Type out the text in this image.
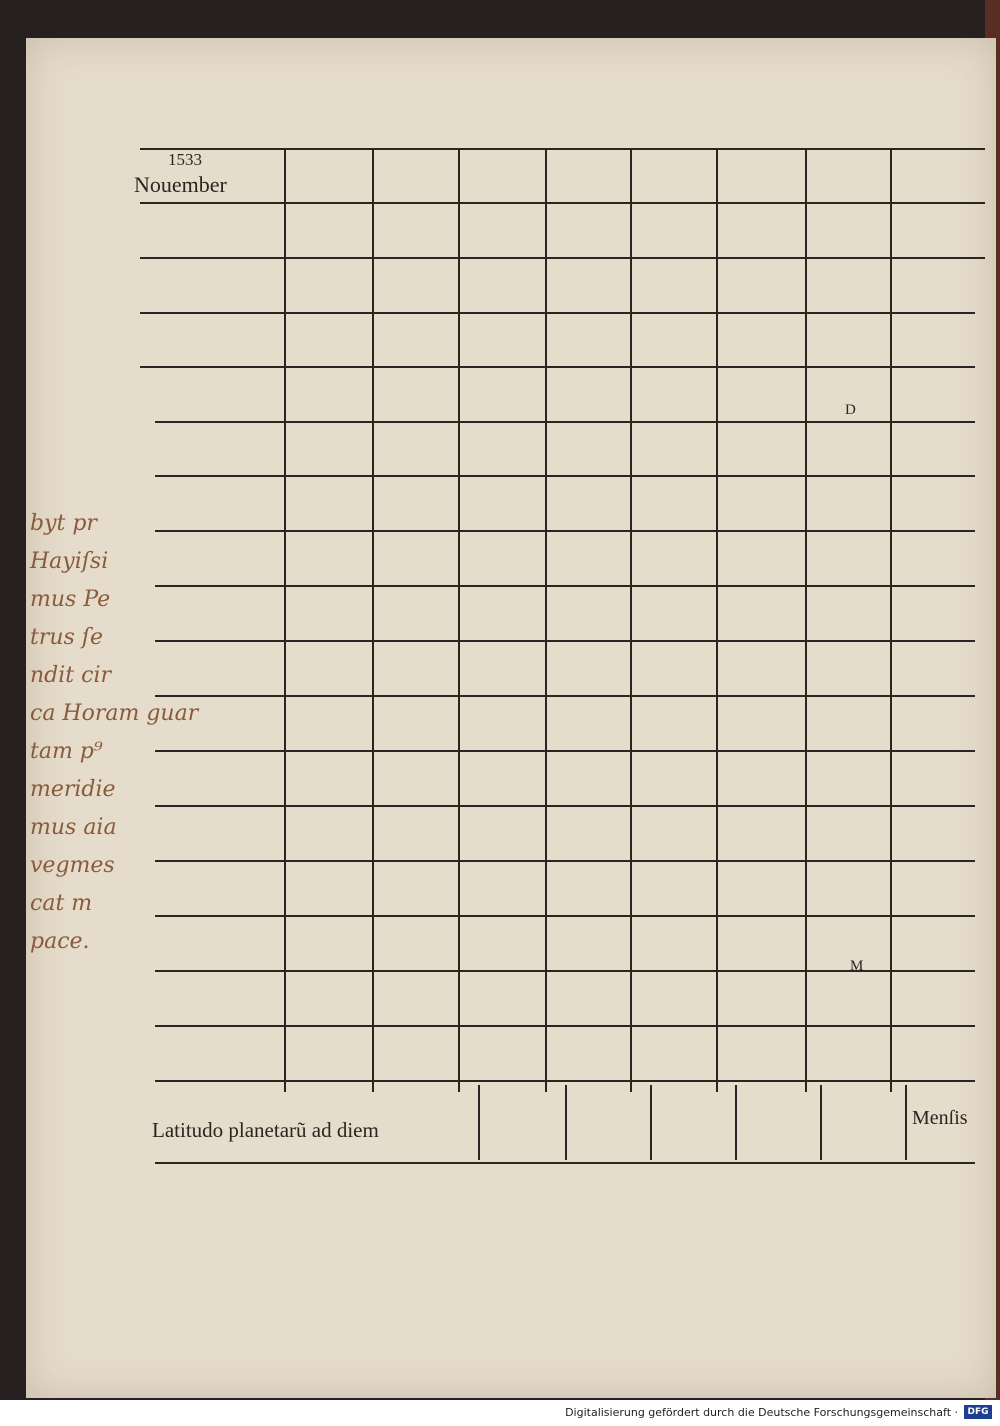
1533
Nouember
D
M
Latitudo planetarũ ad diem	Menſis
byt pr
Hayiſsi
mus Pe
trus ſe
ndit cir
ca Horam guar
tam p⁹
meridie
mus aia
vegmes
cat m
pace.
Digitalisierung gefördert durch die Deutsche Forschungsgemeinschaft ·	DFG
